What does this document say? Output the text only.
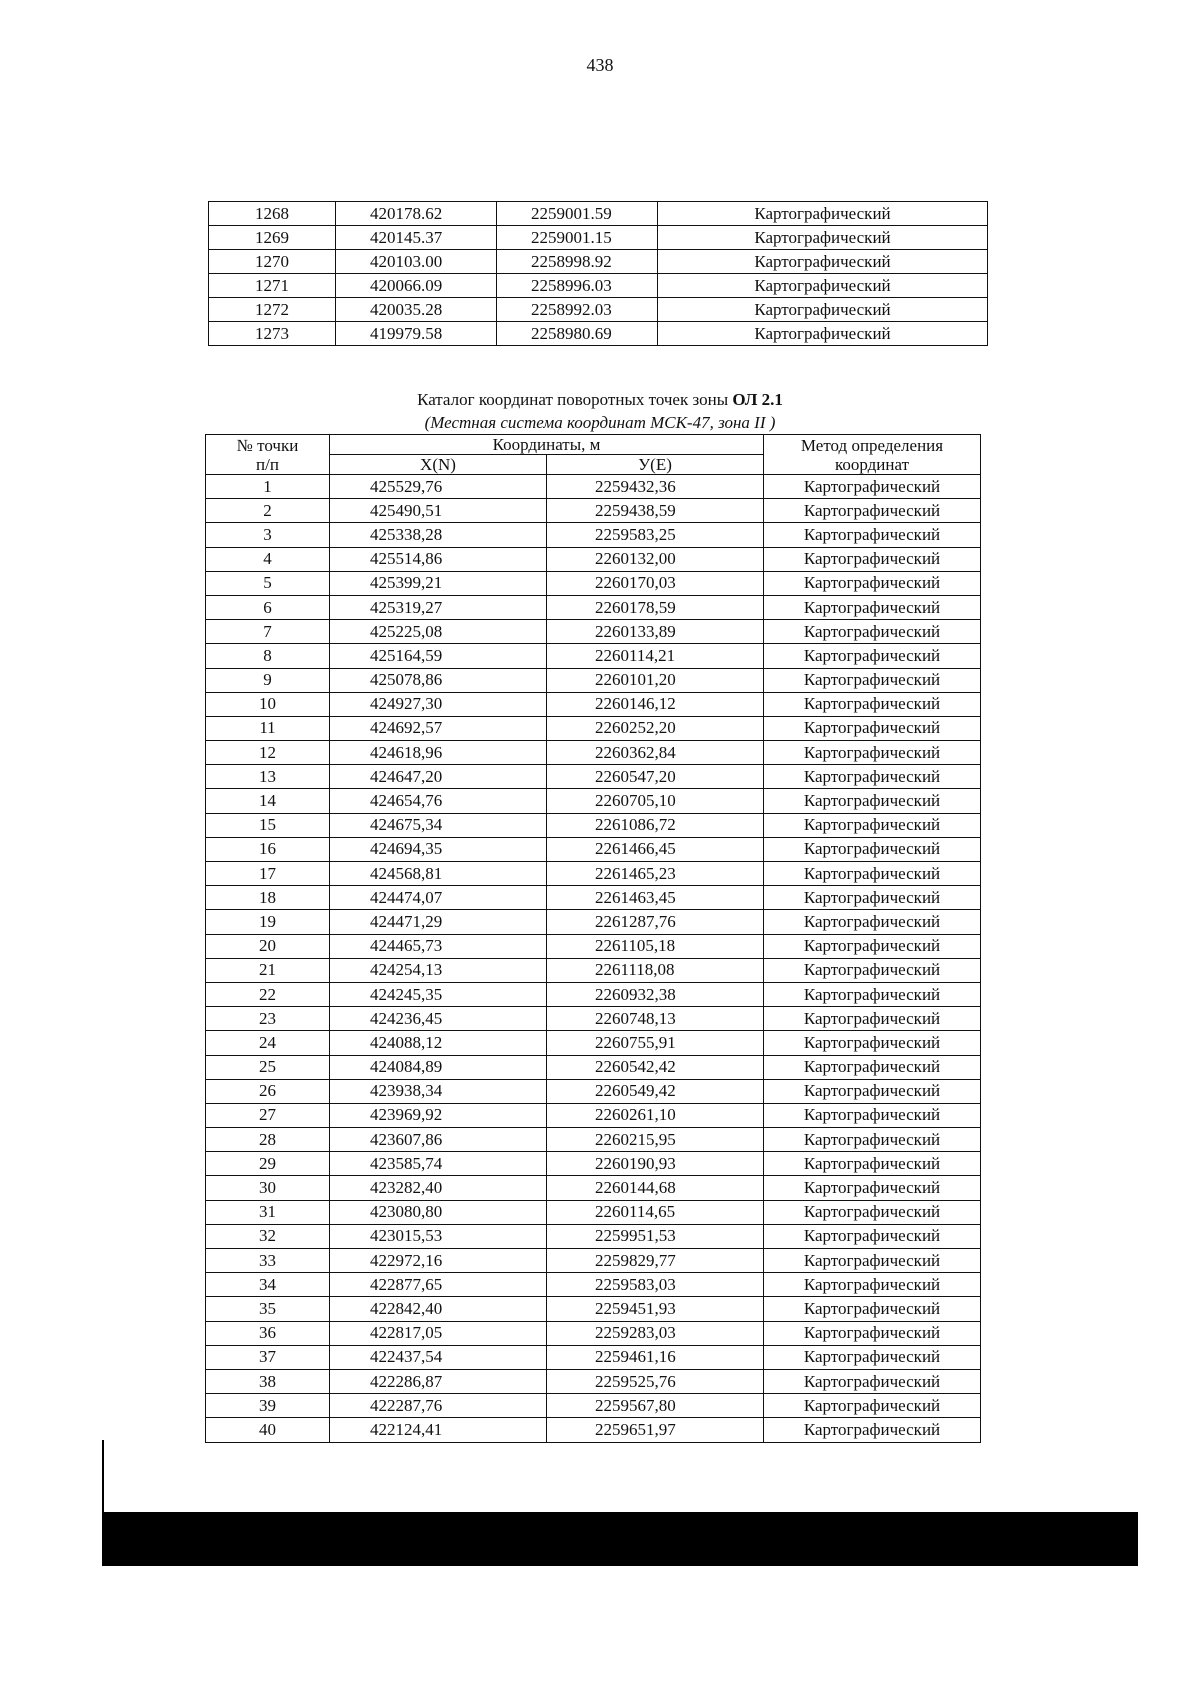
438
1268	420178.62	2259001.59	Картографический
1269	420145.37	2259001.15	Картографический
1270	420103.00	2258998.92	Картографический
1271	420066.09	2258996.03	Картографический
1272	420035.28	2258992.03	Картографический
1273	419979.58	2258980.69	Картографический
Каталог координат поворотных точек зоны ОЛ 2.1
(Местная система координат МСК-47, зона II )
№ точки
п/п	Координаты, м		Метод определения координат
	X(N)	У(E)	
1	425529,76	2259432,36	Картографический
2	425490,51	2259438,59	Картографический
3	425338,28	2259583,25	Картографический
4	425514,86	2260132,00	Картографический
5	425399,21	2260170,03	Картографический
6	425319,27	2260178,59	Картографический
7	425225,08	2260133,89	Картографический
8	425164,59	2260114,21	Картографический
9	425078,86	2260101,20	Картографический
10	424927,30	2260146,12	Картографический
11	424692,57	2260252,20	Картографический
12	424618,96	2260362,84	Картографический
13	424647,20	2260547,20	Картографический
14	424654,76	2260705,10	Картографический
15	424675,34	2261086,72	Картографический
16	424694,35	2261466,45	Картографический
17	424568,81	2261465,23	Картографический
18	424474,07	2261463,45	Картографический
19	424471,29	2261287,76	Картографический
20	424465,73	2261105,18	Картографический
21	424254,13	2261118,08	Картографический
22	424245,35	2260932,38	Картографический
23	424236,45	2260748,13	Картографический
24	424088,12	2260755,91	Картографический
25	424084,89	2260542,42	Картографический
26	423938,34	2260549,42	Картографический
27	423969,92	2260261,10	Картографический
28	423607,86	2260215,95	Картографический
29	423585,74	2260190,93	Картографический
30	423282,40	2260144,68	Картографический
31	423080,80	2260114,65	Картографический
32	423015,53	2259951,53	Картографический
33	422972,16	2259829,77	Картографический
34	422877,65	2259583,03	Картографический
35	422842,40	2259451,93	Картографический
36	422817,05	2259283,03	Картографический
37	422437,54	2259461,16	Картографический
38	422286,87	2259525,76	Картографический
39	422287,76	2259567,80	Картографический
40	422124,41	2259651,97	Картографический
